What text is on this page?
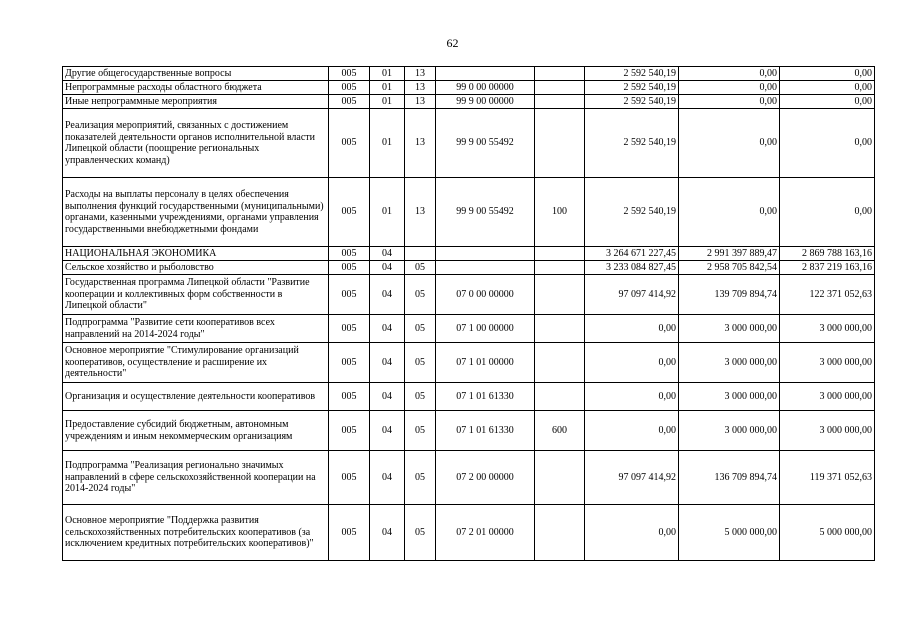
62
Другие общегосударственные вопросы	005	01	13			2 592 540,19	0,00	0,00
Непрограммные расходы областного бюджета	005	01	13	99 0 00 00000		2 592 540,19	0,00	0,00
Иные непрограммные мероприятия	005	01	13	99 9 00 00000		2 592 540,19	0,00	0,00
Реализация мероприятий, связанных с достижением показателей деятельности органов исполнительной власти Липецкой области (поощрение региональных управленческих команд)	005	01	13	99 9 00 55492		2 592 540,19	0,00	0,00
Расходы на выплаты персоналу в целях обеспечения выполнения функций государственными (муниципальными) органами, казенными учреждениями, органами управления государственными внебюджетными фондами	005	01	13	99 9 00 55492	100	2 592 540,19	0,00	0,00
НАЦИОНАЛЬНАЯ ЭКОНОМИКА	005	04				3 264 671 227,45	2 991 397 889,47	2 869 788 163,16
Сельское хозяйство и рыболовство	005	04	05			3 233 084 827,45	2 958 705 842,54	2 837 219 163,16
Государственная программа Липецкой области "Развитие кооперации и коллективных форм собственности в Липецкой области"	005	04	05	07 0 00 00000		97 097 414,92	139 709 894,74	122 371 052,63
Подпрограмма "Развитие сети кооперативов всех направлений на 2014-2024 годы"	005	04	05	07 1 00 00000		0,00	3 000 000,00	3 000 000,00
Основное мероприятие "Стимулирование организаций кооперативов, осуществление и расширение их деятельности"	005	04	05	07 1 01 00000		0,00	3 000 000,00	3 000 000,00
Организация и осуществление деятельности кооперативов	005	04	05	07 1 01 61330		0,00	3 000 000,00	3 000 000,00
Предоставление субсидий бюджетным, автономным учреждениям и иным некоммерческим организациям	005	04	05	07 1 01 61330	600	0,00	3 000 000,00	3 000 000,00
Подпрограмма "Реализация регионально значимых направлений в сфере сельскохозяйственной кооперации на 2014-2024 годы"	005	04	05	07 2 00 00000		97 097 414,92	136 709 894,74	119 371 052,63
Основное мероприятие "Поддержка развития сельскохозяйственных потребительских кооперативов (за исключением кредитных потребительских кооперативов)"	005	04	05	07 2 01 00000		0,00	5 000 000,00	5 000 000,00
